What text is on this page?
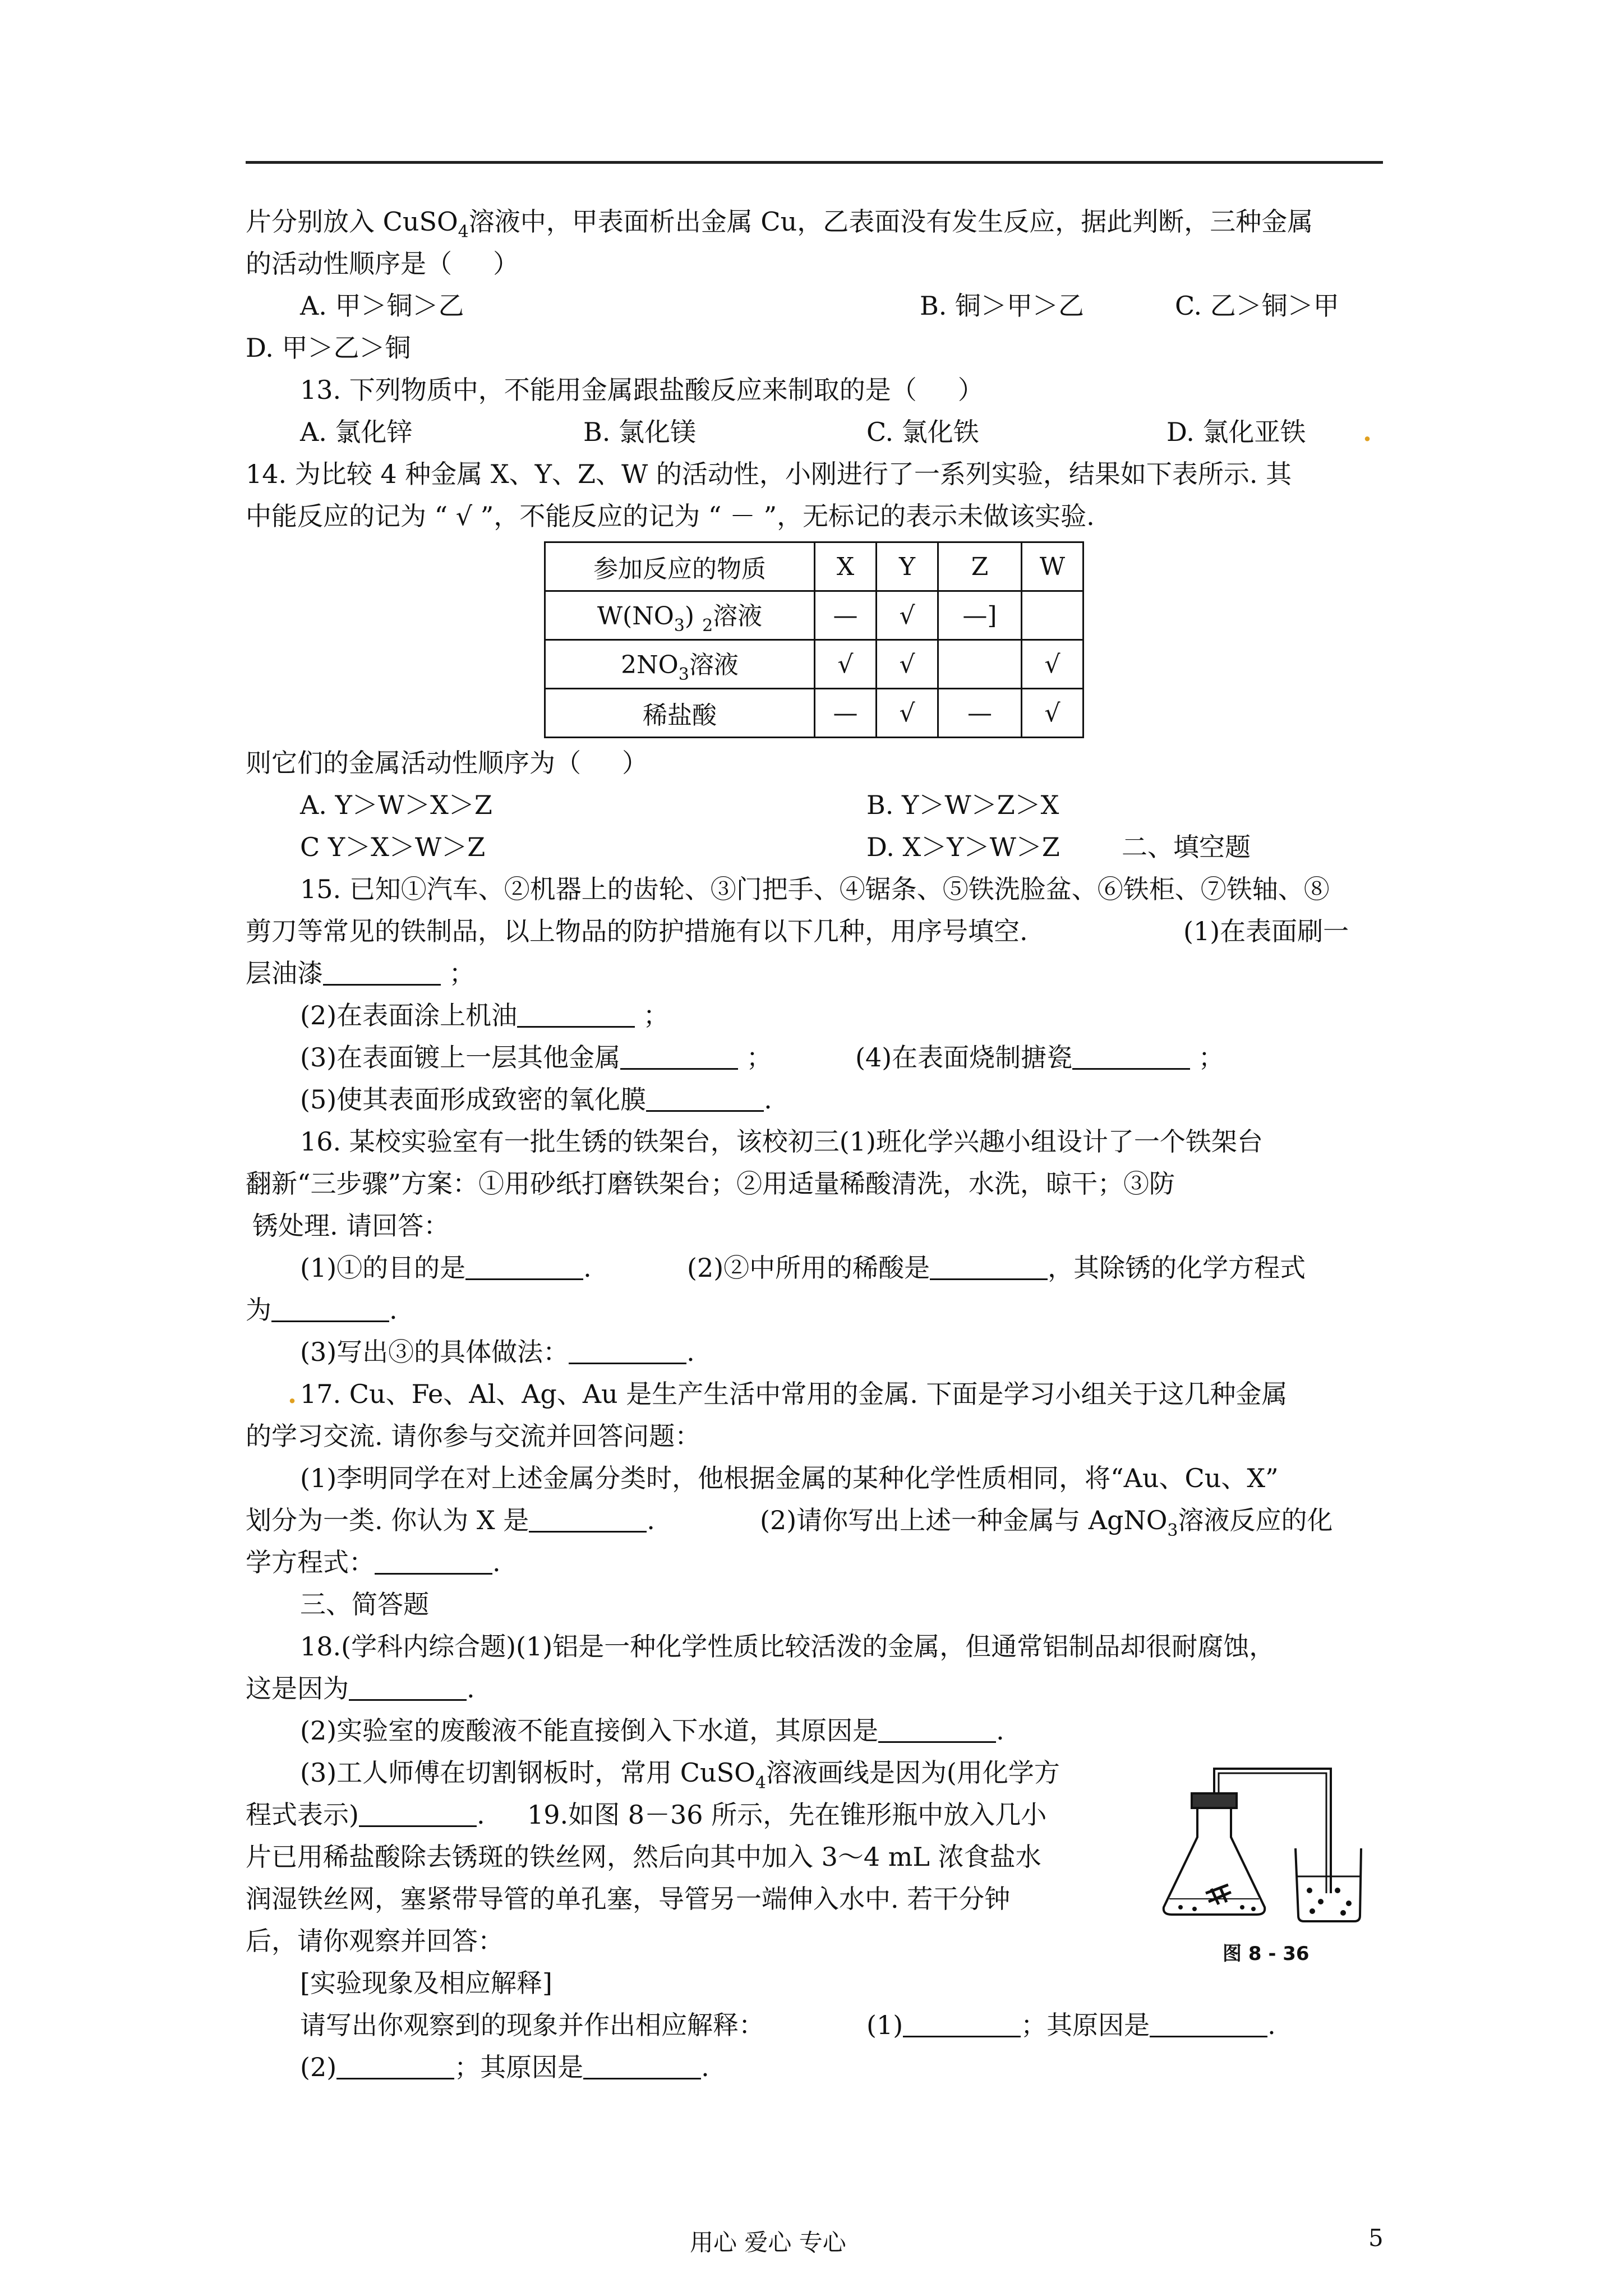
片分别放入 CuSO$_4$溶液中，甲表面析出金属 Cu，乙表面没有发生反应，据此判断，三种金属
的活动性顺序是（     ）
A. 甲＞铜＞乙	B. 铜＞甲＞乙	C. 乙＞铜＞甲
D. 甲＞乙＞铜
13. 下列物质中，不能用金属跟盐酸反应来制取的是（     ）
A. 氯化锌	B. 氯化镁	C. 氯化铁	D. 氯化亚铁 .
14. 为比较 4 种金属 X、Y、Z、W 的活动性，小刚进行了一系列实验，结果如下表所示. 其
中能反应的记为 “ √ ”，不能反应的记为 “ － ”，无标记的表示未做该实验.
参加反应的物质	X	Y	Z	W
$W(NO_3)$ $_2$溶液	—	√	—]	
$2NO_3$溶液	√	√		√
稀盐酸	—	√	—	√
则它们的金属活动性顺序为（     ）
A. Y＞W＞X＞Z	B. Y＞W＞Z＞X
C Y＞X＞W＞Z	D. X＞Y＞W＞Z 二、填空题
15. 已知①汽车、②机器上的齿轮、③门把手、④锯条、⑤铁洗脸盆、⑥铁柜、⑦铁轴、⑧
剪刀等常见的铁制品，以上物品的防护措施有以下几种，用序号填空.	(1)在表面刷一
层油漆	；
(2)在表面涂上机油	；
(3)在表面镀上一层其他金属	；	(4)在表面烧制搪瓷	；
(5)使其表面形成致密的氧化膜	.
16. 某校实验室有一批生锈的铁架台，该校初三(1)班化学兴趣小组设计了一个铁架台
翻新“三步骤”方案：①用砂纸打磨铁架台；②用适量稀酸清洗，水洗，晾干；③防
锈处理. 请回答：
(1)①的目的是	.	(2)②中所用的稀酸是	，其除锈的化学方程式
为	.
(3)写出③的具体做法：	.
. 17. Cu、Fe、Al、Ag、Au 是生产生活中常用的金属. 下面是学习小组关于这几种金属
的学习交流. 请你参与交流并回答问题：
(1)李明同学在对上述金属分类时，他根据金属的某种化学性质相同，将“Au、Cu、X”
划分为一类. 你认为 X 是	.	(2)请你写出上述一种金属与 AgNO$_3$溶液反应的化
学方程式：	.
三、简答题
18.(学科内综合题)(1)铝是一种化学性质比较活泼的金属，但通常铝制品却很耐腐蚀，
这是因为	.
(2)实验室的废酸液不能直接倒入下水道，其原因是	.
(3)工人师傅在切割钢板时，常用 CuSO$_4$溶液画线是因为(用化学方
程式表示)	. 19.如图 8－36 所示，先在锥形瓶中放入几小
片已用稀盐酸除去锈斑的铁丝网，然后向其中加入 3～4 mL 浓食盐水
润湿铁丝网，塞紧带导管的单孔塞，导管另一端伸入水中. 若干分钟
后，请你观察并回答：
[实验现象及相应解释]
请写出你观察到的现象并作出相应解释：	(1)	；其原因是	.
(2)	；其原因是	.
图 8 - 36
用心 爱心 专心	5
